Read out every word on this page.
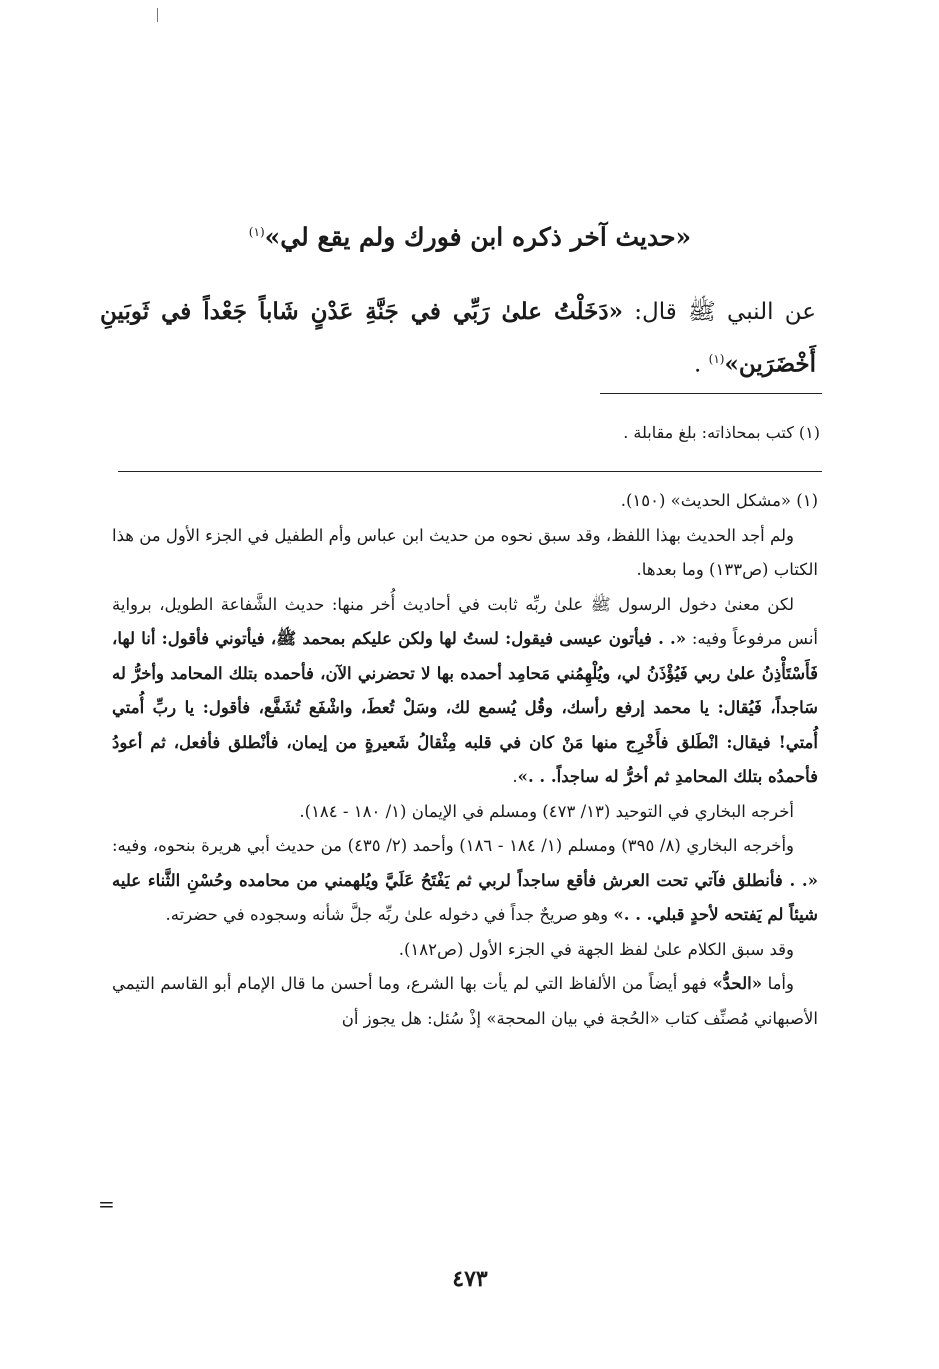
«حديث آخر ذكره ابن فورك ولم يقع لي»$^{(١)}$
عن النبي ﷺ قال: «دَخَلْتُ علىٰ رَبِّي في جَنَّةِ عَدْنٍ شَاباً جَعْداً في ثَوبَينِ أَخْضَرَين»$^{(١)}$ .
(١) كتب بمحاذاته: بلغ مقابلة .

(١) «مشكل الحديث» (١٥٠).

ولم أجد الحديث بهذا اللفظ، وقد سبق نحوه من حديث ابن عباس وأم الطفيل في الجزء الأول من هذا الكتاب (ص١٣٣) وما بعدها.

لكن معنىٰ دخول الرسول ﷺ علىٰ ربِّه ثابت في أحاديث أُخر منها: حديث الشَّفاعة الطويل، برواية أنس مرفوعاً وفيه: «. . فيأتون عيسى فيقول: لستُ لها ولكن عليكم بمحمد ﷺ، فيأتوني فأقول: أنا لها، فَأَسْتَأْذِنُ علىٰ ربي فَيُؤْذَنُ لي، ويُلْهِمُني مَحامِد أحمده بها لا تحضرني الآن، فأحمده بتلك المحامد وأخرُّ له سَاجداً، فَيُقال: يا محمد إرفع رأسك، وقُل يُسمع لك، وسَلْ تُعطَ، واشْفَع تُشَفَّع، فأقول: يا ربِّ أُمتي أُمتي! فيقال: انْطَلق فأَخْرِج منها مَنْ كان في قلبه مِثْقالُ شَعيرةٍ من إيمان، فأنْطلق فأفعل، ثم أعودُ فأحمدُه بتلك المحامدِ ثم أخرُّ له ساجداً. . .».

أخرجه البخاري في التوحيد (١٣/ ٤٧٣) ومسلم في الإيمان (١/ ١٨٠ - ١٨٤).

وأخرجه البخاري (٨/ ٣٩٥) ومسلم (١/ ١٨٤ - ١٨٦) وأحمد (٢/ ٤٣٥) من حديث أبي هريرة بنحوه، وفيه: «. . فأنطلق فآتي تحت العرش فأقع ساجداً لربي ثم يَفْتَحُ عَلَيَّ ويُلهمني من محامده وحُسْنِ الثَّناء عليه شيئاً لم يَفتحه لأحدٍ قبلي. . .» وهو صريحٌ جداً في دخوله علىٰ ربِّه جلَّ شأنه وسجوده في حضرته.

وقد سبق الكلام علىٰ لفظ الجهة في الجزء الأول (ص١٨٢).

وأما «الحدُّ» فهو أيضاً من الألفاظ التي لم يأت بها الشرع، وما أحسن ما قال الإمام أبو القاسم التيمي الأصبهاني مُصنِّف كتاب «الحُجة في بيان المحجة» إذْ سُئل: هل يجوز أن

=
٤٧٣
